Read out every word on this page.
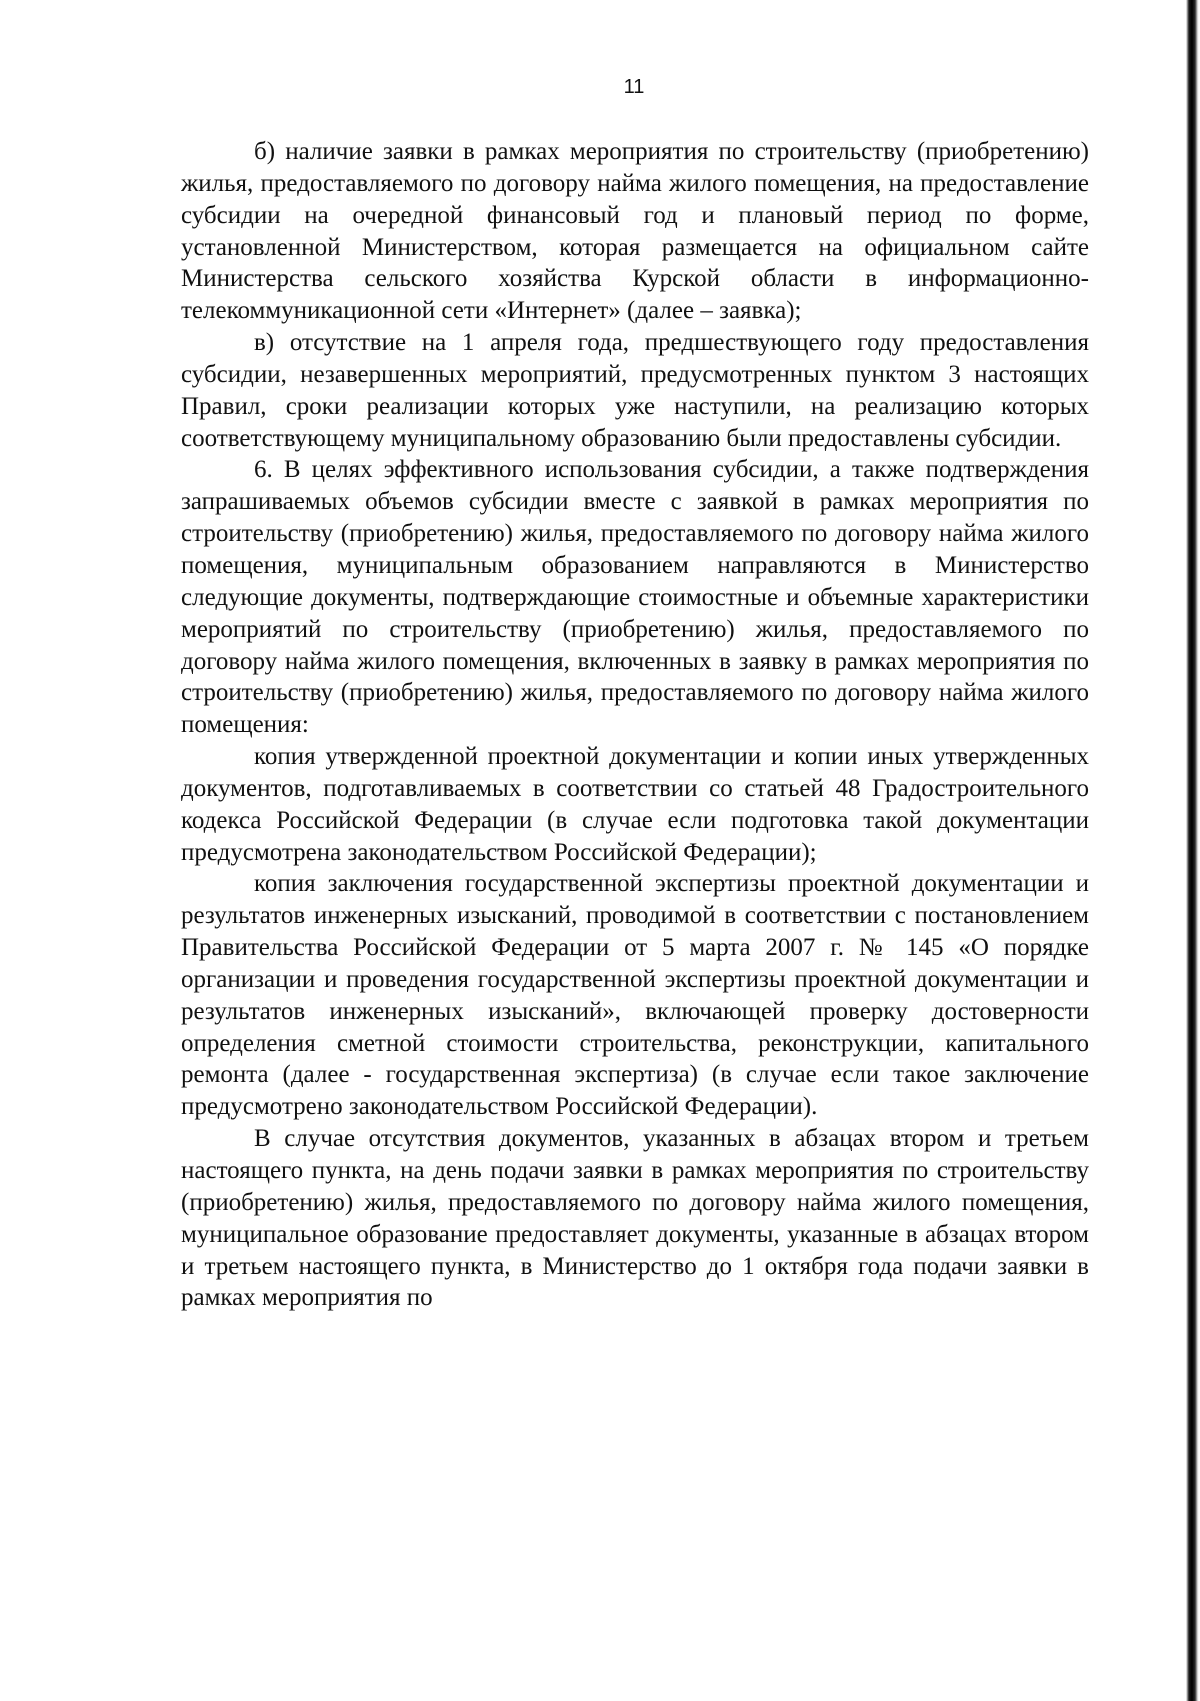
11

б) наличие заявки в рамках мероприятия по строительству (приобретению) жилья, предоставляемого по договору найма жилого помещения, на предоставление субсидии на очередной финансовый год и плановый период по форме, установленной Министерством, которая размещается на официальном сайте Министерства сельского хозяйства Курской области в информационно-телекоммуникационной сети «Интернет» (далее – заявка);

в) отсутствие на 1 апреля года, предшествующего году предоставления субсидии, незавершенных мероприятий, предусмотренных пунктом 3 настоящих Правил, сроки реализации которых уже наступили, на реализацию которых соответствующему муниципальному образованию были предоставлены субсидии.

6. В целях эффективного использования субсидии, а также подтверждения запрашиваемых объемов субсидии вместе с заявкой в рамках мероприятия по строительству (приобретению) жилья, предоставляемого по договору найма жилого помещения, муниципальным образованием направляются в Министерство следующие документы, подтверждающие стоимостные и объемные характеристики мероприятий по строительству (приобретению) жилья, предоставляемого по договору найма жилого помещения, включенных в заявку в рамках мероприятия по строительству (приобретению) жилья, предоставляемого по договору найма жилого помещения:

копия утвержденной проектной документации и копии иных утвержденных документов, подготавливаемых в соответствии со статьей 48 Градостроительного кодекса Российской Федерации (в случае если подготовка такой документации предусмотрена законодательством Российской Федерации);

копия заключения государственной экспертизы проектной документации и результатов инженерных изысканий, проводимой в соответствии с постановлением Правительства Российской Федерации от 5 марта 2007 г. № 145 «О порядке организации и проведения государственной экспертизы проектной документации и результатов инженерных изысканий», включающей проверку достоверности определения сметной стоимости строительства, реконструкции, капитального ремонта (далее - государственная экспертиза) (в случае если такое заключение предусмотрено законодательством Российской Федерации).

В случае отсутствия документов, указанных в абзацах втором и третьем настоящего пункта, на день подачи заявки в рамках мероприятия по строительству (приобретению) жилья, предоставляемого по договору найма жилого помещения, муниципальное образование предоставляет документы, указанные в абзацах втором и третьем настоящего пункта, в Министерство до 1 октября года подачи заявки в рамках мероприятия по
